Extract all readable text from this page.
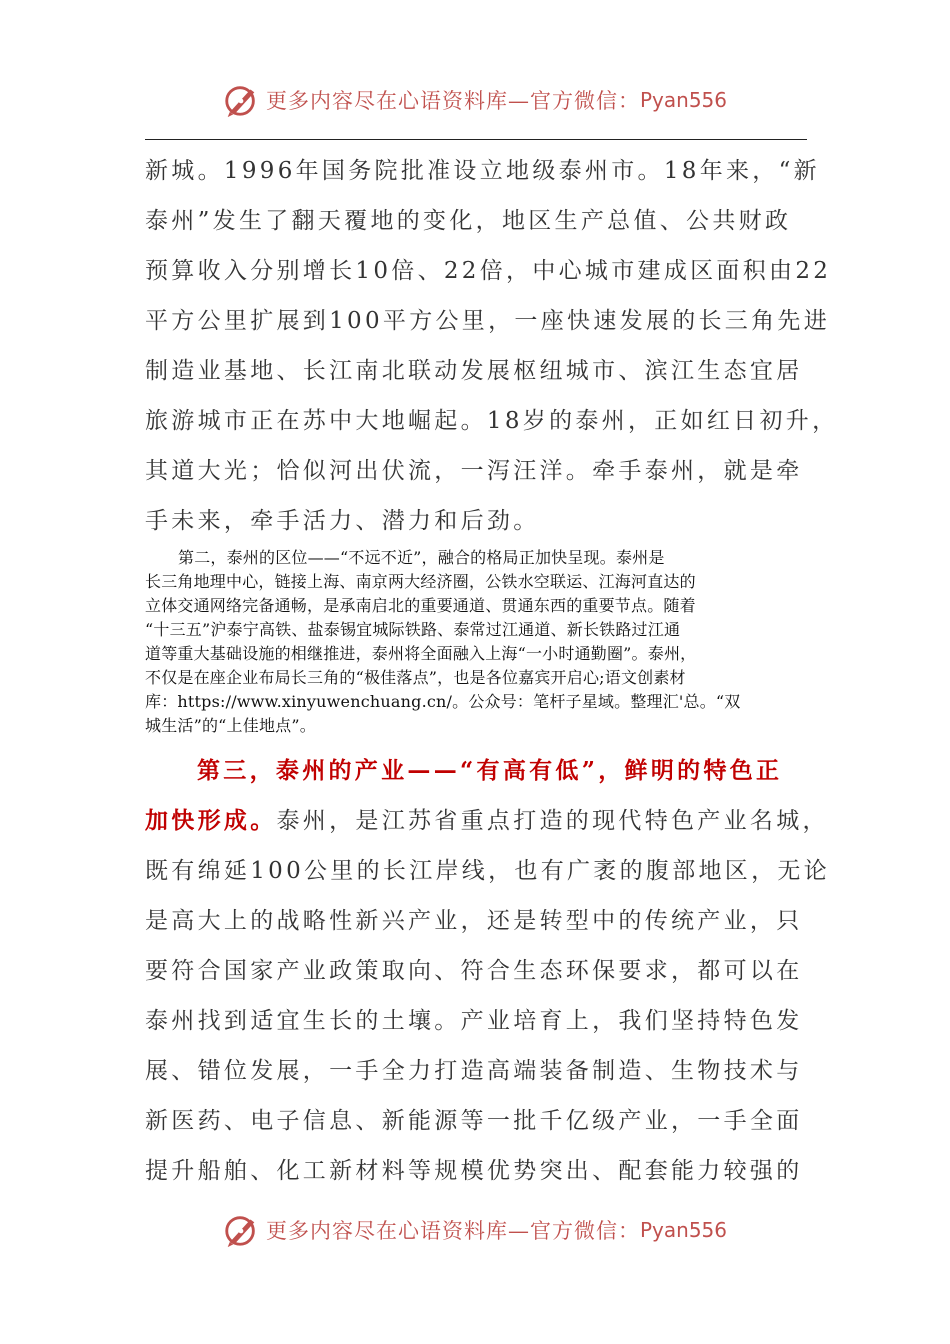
更多内容尽在心语资料库—官方微信： Pyan556

新城。1996年国务院批准设立地级泰州市。18年来，“新
泰州”发生了翻天覆地的变化，地区生产总值、公共财政
预算收入分别增长10倍、22倍，中心城市建成区面积由22
平方公里扩展到100平方公里，一座快速发展的长三角先进
制造业基地、长江南北联动发展枢纽城市、滨江生态宜居
旅游城市正在苏中大地崛起。18岁的泰州，正如红日初升，
其道大光；恰似河出伏流，一泻汪洋。牵手泰州，就是牵
手未来，牵手活力、潜力和后劲。

第二，泰州的区位——“不远不近”，融合的格局正加快呈现。泰州是
长三角地理中心，链接上海、南京两大经济圈，公铁水空联运、江海河直达的
立体交通网络完备通畅，是承南启北的重要通道、贯通东西的重要节点。随着
“十三五”沪泰宁高铁、盐泰锡宜城际铁路、泰常过江通道、新长铁路过江通
道等重大基础设施的相继推进，泰州将全面融入上海“一小时通勤圈”。泰州，
不仅是在座企业布局长三角的“极佳落点”，也是各位嘉宾开启心;语文创素材
库：https://www.xinyuwenchuang.cn/。公众号：笔杆子星域。整理汇'总。“双
城生活”的“上佳地点”。

第三，泰州的产业——“有高有低”，鲜明的特色正
加快形成。泰州，是江苏省重点打造的现代特色产业名城，
既有绵延100公里的长江岸线，也有广袤的腹部地区，无论
是高大上的战略性新兴产业，还是转型中的传统产业，只
要符合国家产业政策取向、符合生态环保要求，都可以在
泰州找到适宜生长的土壤。产业培育上，我们坚持特色发
展、错位发展，一手全力打造高端装备制造、生物技术与
新医药、电子信息、新能源等一批千亿级产业，一手全面
提升船舶、化工新材料等规模优势突出、配套能力较强的

更多内容尽在心语资料库—官方微信： Pyan556
